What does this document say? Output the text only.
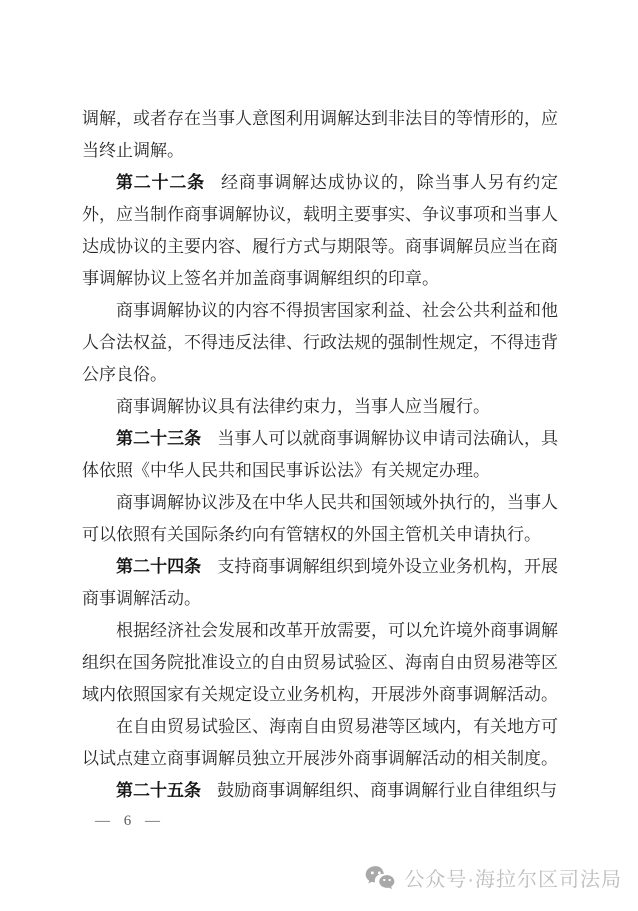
调解，或者存在当事人意图利用调解达到非法目的等情形的，应当终止调解。

第二十二条 经商事调解达成协议的，除当事人另有约定外，应当制作商事调解协议，载明主要事实、争议事项和当事人达成协议的主要内容、履行方式与期限等。商事调解员应当在商事调解协议上签名并加盖商事调解组织的印章。

商事调解协议的内容不得损害国家利益、社会公共利益和他人合法权益，不得违反法律、行政法规的强制性规定，不得违背公序良俗。

商事调解协议具有法律约束力，当事人应当履行。

第二十三条 当事人可以就商事调解协议申请司法确认，具体依照《中华人民共和国民事诉讼法》有关规定办理。

商事调解协议涉及在中华人民共和国领域外执行的，当事人可以依照有关国际条约向有管辖权的外国主管机关申请执行。

第二十四条 支持商事调解组织到境外设立业务机构，开展商事调解活动。

根据经济社会发展和改革开放需要，可以允许境外商事调解组织在国务院批准设立的自由贸易试验区、海南自由贸易港等区域内依照国家有关规定设立业务机构，开展涉外商事调解活动。

在自由贸易试验区、海南自由贸易港等区域内，有关地方可以试点建立商事调解员独立开展涉外商事调解活动的相关制度。

第二十五条 鼓励商事调解组织、商事调解行业自律组织与

— 6 —
公众号·海拉尔区司法局
